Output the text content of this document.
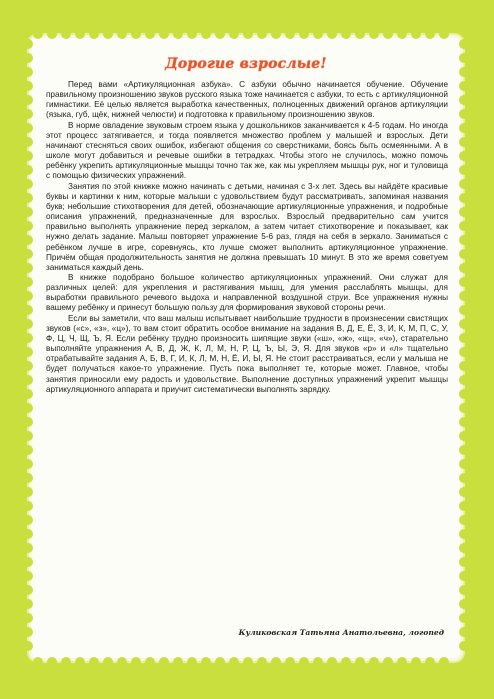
Дорогие взрослые!

Перед вами «Артикуляционная азбука». С азбуки обычно начинается обучение. Обучение правильному произношению звуков русского языка тоже начинается с азбуки, то есть с артикуляционной гимнастики. Её целью является выработка качественных, полноценных движений органов артикуляции (языка, губ, щёк, нижней челюсти) и подготовка к правильному произношению звуков.

В норме овладение звуковым строем языка у дошкольников заканчивается к 4-5 годам. Но иногда этот процесс затягивается, и тогда появляется множество проблем у малышей и взрослых. Дети начинают стесняться своих ошибок, избегают общения со сверстниками, боясь быть осмеянными. А в школе могут добавиться и речевые ошибки в тетрадках. Чтобы этого не случилось, можно помочь ребёнку укрепить артикуляционные мышцы точно так же, как мы укрепляем мышцы рук, ног и туловища с помощью физических упражнений.

Занятия по этой книжке можно начинать с детьми, начиная с 3-х лет. Здесь вы найдёте красивые буквы и картинки к ним, которые малыши с удовольствием будут рассматривать, запоминая названия букв; небольшие стихотворения для детей, обозначающие артикуляционные упражнения, и подробные описания упражнений, предназначенные для взрослых. Взрослый предварительно сам учится правильно выполнять упражнение перед зеркалом, а затем читает стихотворение и показывает, как нужно делать задание. Малыш повторяет упражнение 5-6 раз, глядя на себя в зеркало. Заниматься с ребёнком лучше в игре, соревнуясь, кто лучше сможет выполнить артикуляционное упражнение. Причём общая продолжительность занятия не должна превышать 10 минут. В это же время советуем заниматься каждый день.

В книжке подобрано большое количество артикуляционных упражнений. Они служат для различных целей: для укрепления и растягивания мышц, для умения расслаблять мышцы, для выработки правильного речевого выдоха и направленной воздушной струи. Все упражнения нужны вашему ребёнку и принесут большую пользу для формирования звуковой стороны речи.

Если вы заметили, что ваш малыш испытывает наибольшие трудности в произнесении свистящих звуков («с», «з», «ц»), то вам стоит обратить особое внимание на задания В, Д, Е, Ё, З, И, К, М, П, С, У, Ф, Ц, Ч, Щ, Ъ, Я. Если ребёнку трудно произносить шипящие звуки («ш», «ж», «щ», «ч»), старательно выполняйте упражнения А, В, Д, Ж, К, Л, М, Н, Р, Ц, Ъ, Ы, Э, Я. Для звуков «р» и «л» тщательно отрабатывайте задания А, Б, В, Г, И, К, Л, М, Н, Ё, И, Ы, Я. Не стоит расстраиваться, если у малыша не будет получаться какое-то упражнение. Пусть пока выполняет те, которые может. Главное, чтобы занятия приносили ему радость и удовольствие. Выполнение доступных упражнений укрепит мышцы артикуляционного аппарата и приучит систематически выполнять зарядку.

Куликовская Татьяна Анатольевна, логопед
